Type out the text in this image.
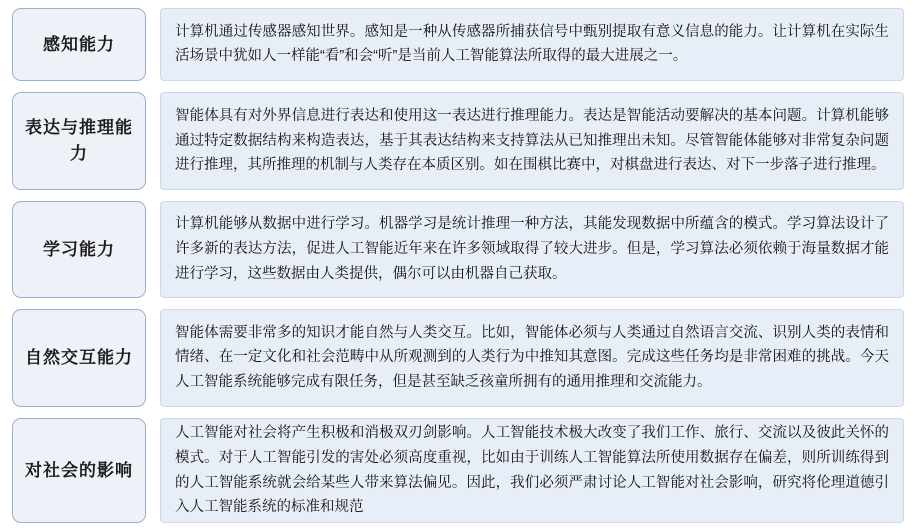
感知能力
计算机通过传感器感知世界。感知是一种从传感器所捕获信号中甄别提取有意义信息的能力。让计算机在实际生活场景中犹如人一样能“看”和会“听”是当前人工智能算法所取得的最大进展之一。
表达与推理能力
智能体具有对外界信息进行表达和使用这一表达进行推理能力。表达是智能活动要解决的基本问题。计算机能够通过特定数据结构来构造表达，基于其表达结构来支持算法从已知推理出未知。尽管智能体能够对非常复杂问题进行推理，其所推理的机制与人类存在本质区别。如在围棋比赛中，对棋盘进行表达、对下一步落子进行推理。
学习能力
计算机能够从数据中进行学习。机器学习是统计推理一种方法，其能发现数据中所蕴含的模式。学习算法设计了许多新的表达方法，促进人工智能近年来在许多领域取得了较大进步。但是，学习算法必须依赖于海量数据才能进行学习，这些数据由人类提供，偶尔可以由机器自己获取。
自然交互能力
智能体需要非常多的知识才能自然与人类交互。比如，智能体必须与人类通过自然语言交流、识别人类的表情和情绪、在一定文化和社会范畴中从所观测到的人类行为中推知其意图。完成这些任务均是非常困难的挑战。今天人工智能系统能够完成有限任务，但是甚至缺乏孩童所拥有的通用推理和交流能力。
对社会的影响
人工智能对社会将产生积极和消极双刃剑影响。人工智能技术极大改变了我们工作、旅行、交流以及彼此关怀的模式。对于人工智能引发的害处必须高度重视，比如由于训练人工智能算法所使用数据存在偏差，则所训练得到的人工智能系统就会给某些人带来算法偏见。因此，我们必须严肃讨论人工智能对社会影响，研究将伦理道德引入人工智能系统的标准和规范
